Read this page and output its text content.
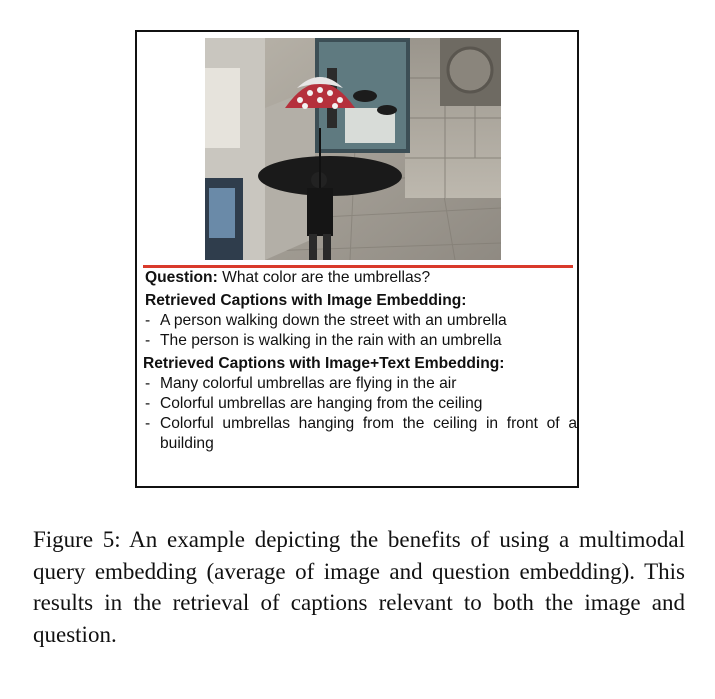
Question: What color are the umbrellas?
Retrieved Captions with Image Embedding:
- A person walking down the street with an umbrella
- The person is walking in the rain with an umbrella
Retrieved Captions with Image+Text Embedding:
- Many colorful umbrellas are flying in the air
- Colorful umbrellas are hanging from the ceiling
- Colorful umbrellas hanging from the ceiling in front of a building
Figure 5: An example depicting the benefits of using a multimodal query embedding (average of image and question embedding). This results in the retrieval of captions relevant to both the image and question.
